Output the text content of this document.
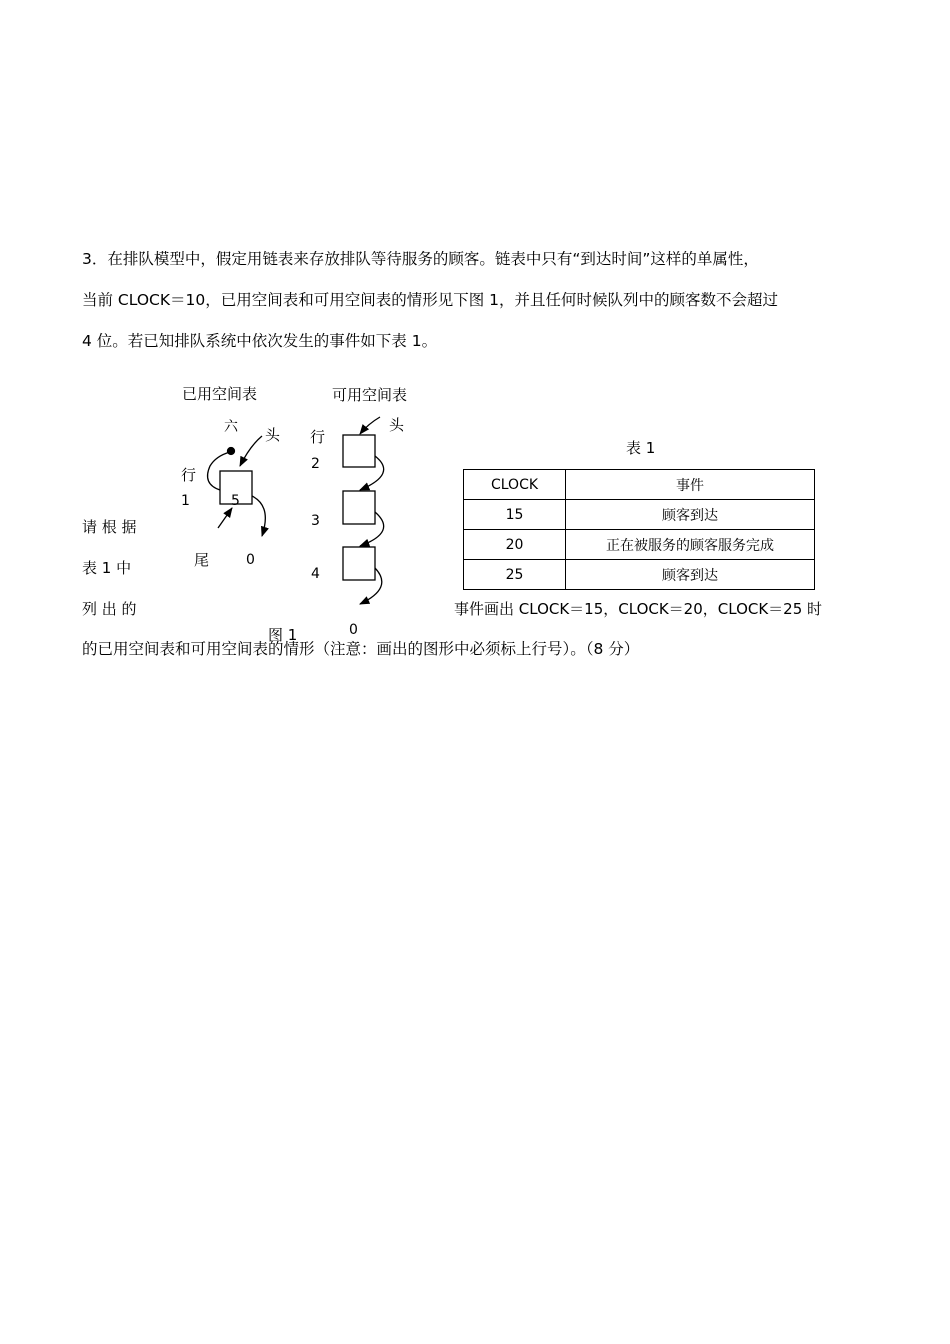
3．在排队模型中，假定用链表来存放排队等待服务的顾客。链表中只有“到达时间”这样的单属性，
当前 CLOCK＝10，已用空间表和可用空间表的情形见下图 1，并且任何时候队列中的顾客数不会超过
4 位。若已知排队系统中依次发生的事件如下表 1。
已用空间表	可用空间表
六 头
行
1	5
尾	0
头
行
2
3
4
0
图 1
请 根 据
表 1 中
列 出 的
表 1
CLOCK	事件
15	顾客到达
20	正在被服务的顾客服务完成
25	顾客到达
事件画出 CLOCK＝15，CLOCK＝20，CLOCK＝25 时
的已用空间表和可用空间表的情形（注意：画出的图形中必须标上行号）。（8 分）
